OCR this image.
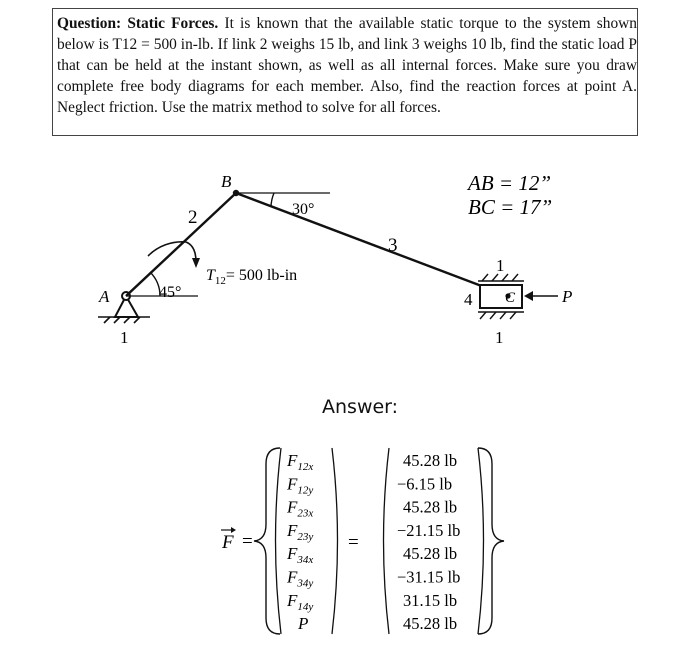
Question: Static Forces. It is known that the available static torque to the system shown below is T12 = 500 in-lb. If link 2 weighs 15 lb, and link 3 weighs 10 lb, find the static load P that can be held at the instant shown, as well as all internal forces. Make sure you draw complete free body diagrams for each member. Also, find the reaction forces at point A. Neglect friction. Use the matrix method to solve for all forces.
A
B
C
2
3
1
1
1
4
45°
30°
$T_{12}= 500$ lb-in
P
AB = 12”
BC = 17”
Answer:
F =	=
$F_{12x}$
$F_{12y}$
$F_{23x}$
$F_{23y}$
$F_{34x}$
$F_{34y}$
$F_{14y}$
P
45.28 lb
−6.15 lb
45.28 lb
−21.15 lb
45.28 lb
−31.15 lb
31.15 lb
45.28 lb
